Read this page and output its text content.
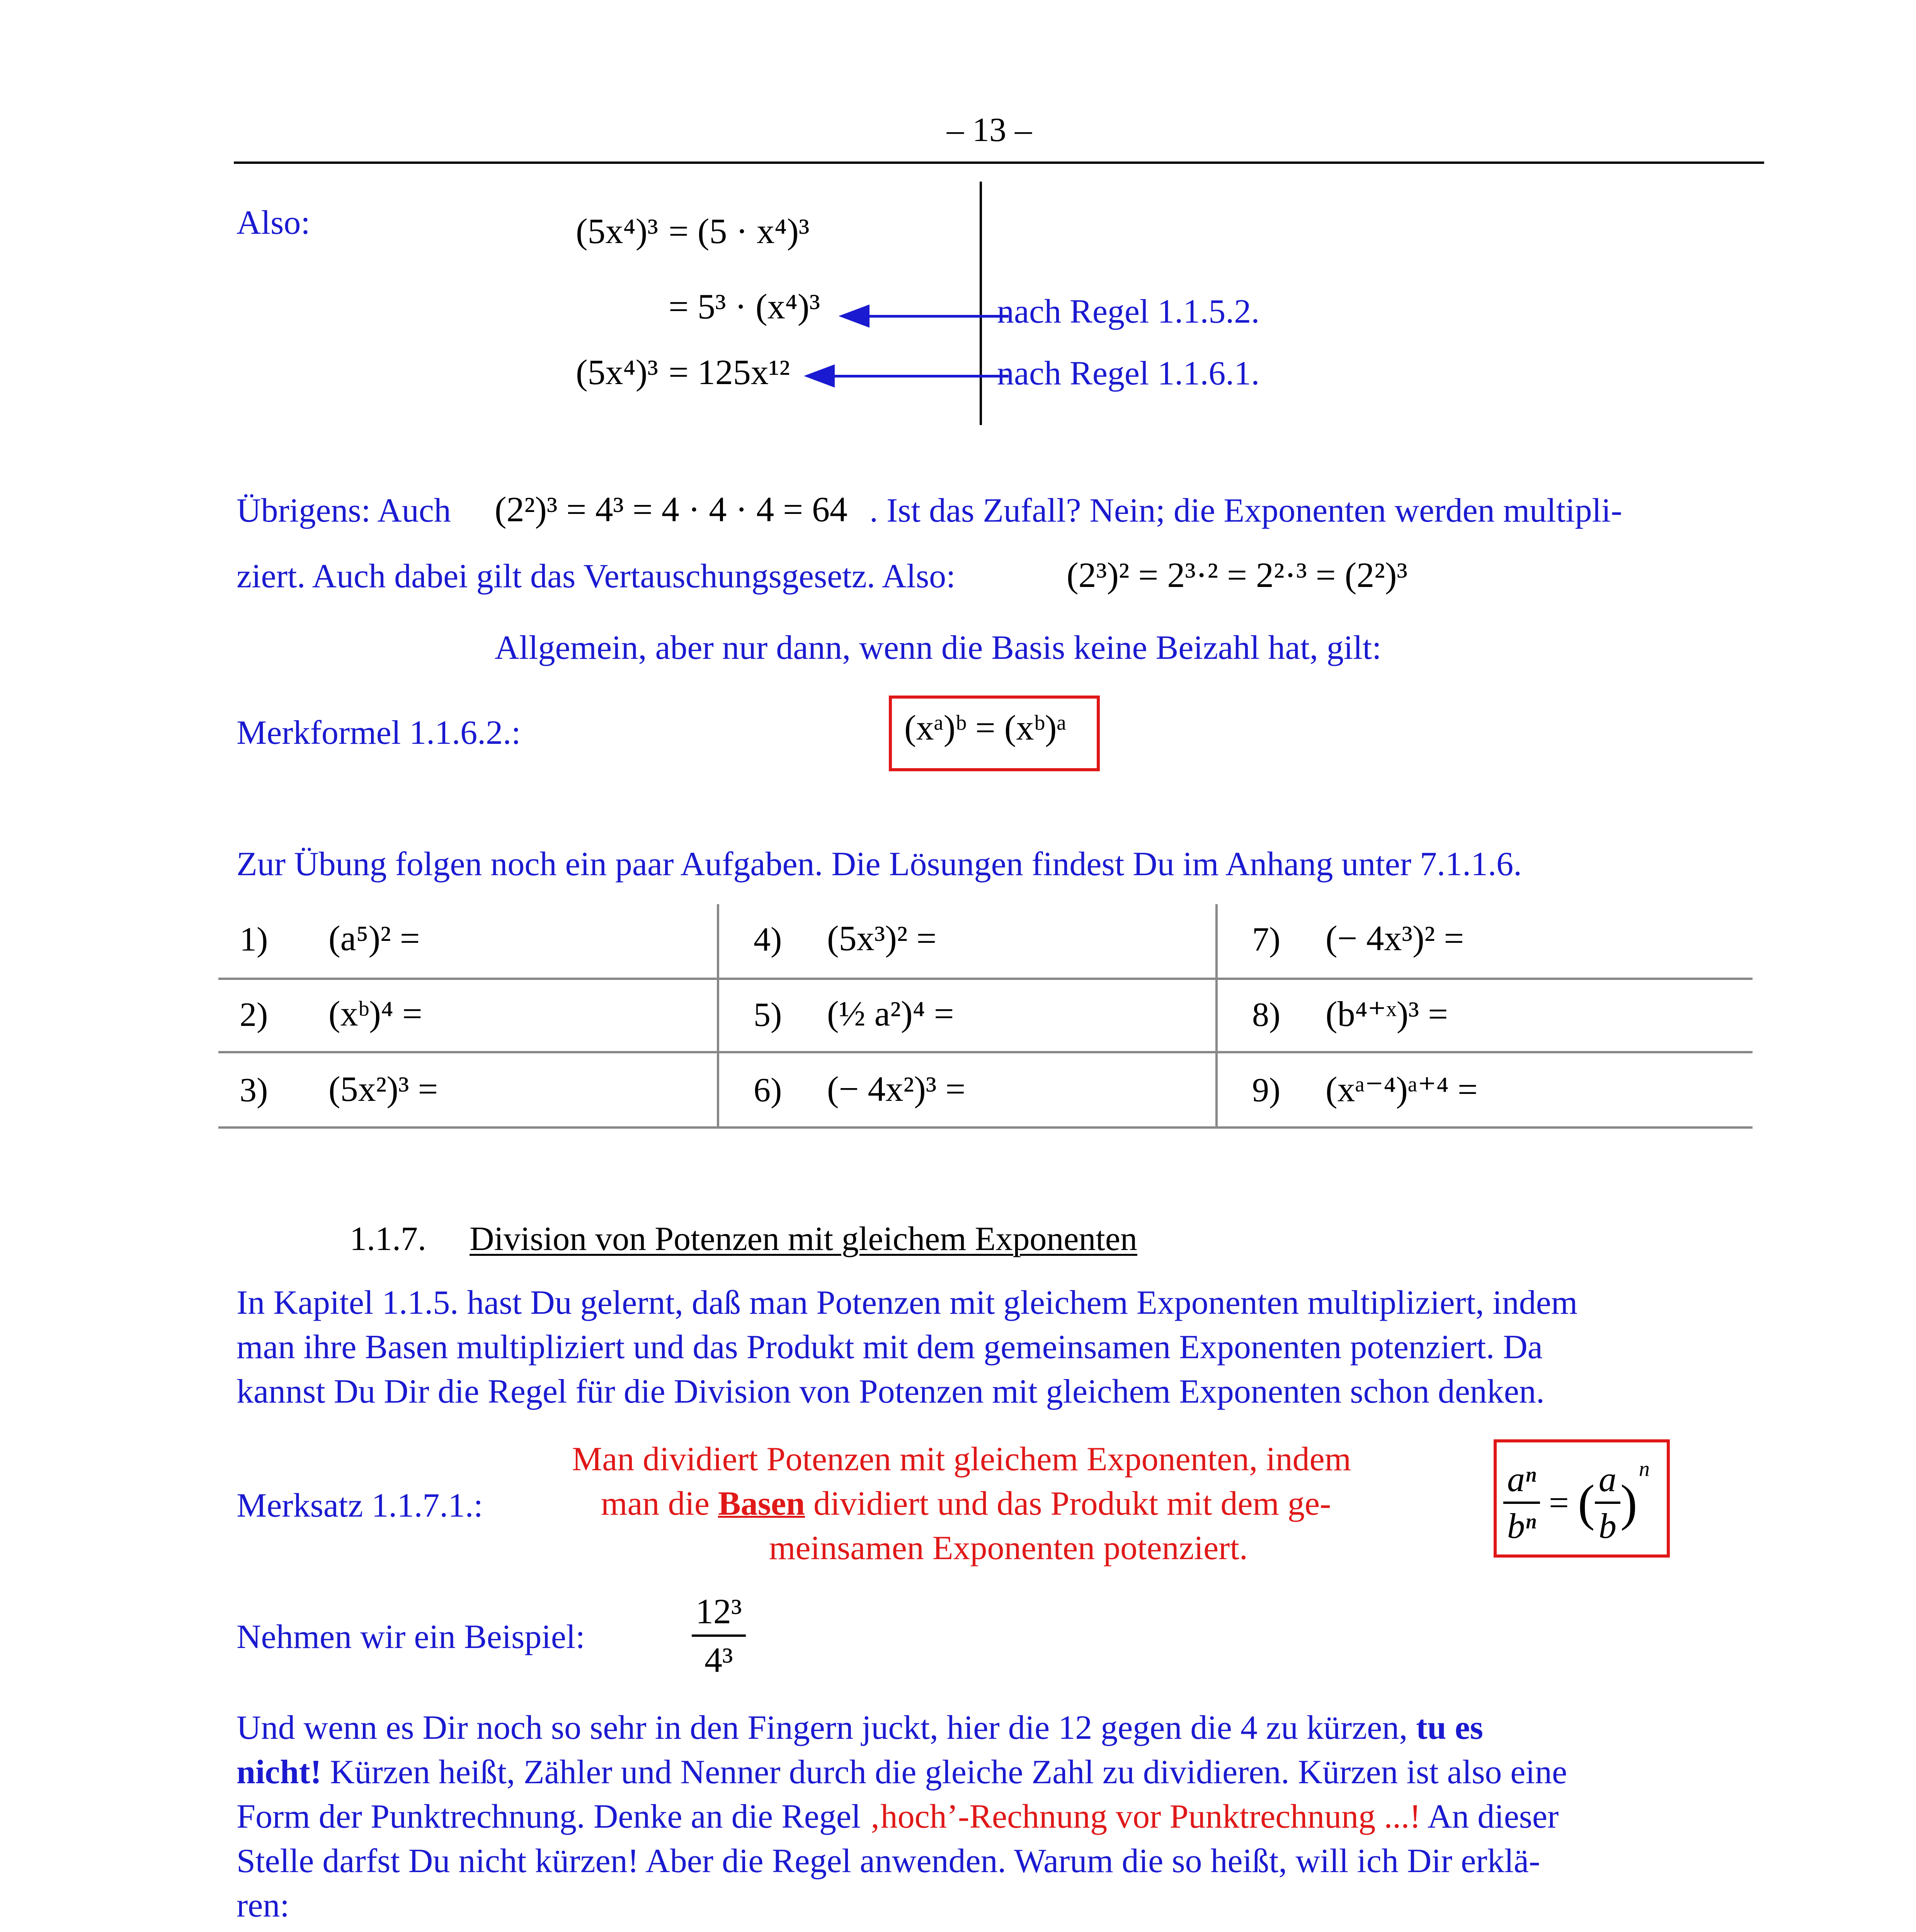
– 13 –
Also:	(5x⁴)³ = (5 · x⁴)³
= 5³ · (x⁴)³
(5x⁴)³ = 125x¹²
nach Regel 1.1.5.2.
nach Regel 1.1.6.1.
Übrigens: Auch (2²)³ = 4³ = 4 · 4 · 4 = 64 . Ist das Zufall? Nein; die Exponenten werden multipli-
ziert. Auch dabei gilt das Vertauschungsgesetz. Also:	(2³)² = 2³·² = 2²·³ = (2²)³
Allgemein, aber nur dann, wenn die Basis keine Beizahl hat, gilt:
Merkformel 1.1.6.2.:	(xᵃ)ᵇ = (xᵇ)ᵃ
Zur Übung folgen noch ein paar Aufgaben. Die Lösungen findest Du im Anhang unter 7.1.1.6.
1) (a⁵)² =	4) (5x³)² =	7) (− 4x³)² =
2) (xᵇ)⁴ =	5) (½ a²)⁴ =	8) (b⁴⁺ˣ)³ =
3) (5x²)³ =	6) (− 4x²)³ =	9) (xᵃ⁻⁴)ᵃ⁺⁴ =
1.1.7. Division von Potenzen mit gleichem Exponenten
In Kapitel 1.1.5. hast Du gelernt, daß man Potenzen mit gleichem Exponenten multipliziert, indem
man ihre Basen multipliziert und das Produkt mit dem gemeinsamen Exponenten potenziert. Da
kannst Du Dir die Regel für die Division von Potenzen mit gleichem Exponenten schon denken.
Merksatz 1.1.7.1.:
Man dividiert Potenzen mit gleichem Exponenten, indem
man die Basen dividiert und das Produkt mit dem ge-
meinsamen Exponenten potenziert.	$\frac{\text{aⁿ}}{\text{bⁿ}}$ = ( $\frac{a}{b} )^n$
Nehmen wir ein Beispiel:	$\frac{\text{12³}}{\text{4³}}$
Und wenn es Dir noch so sehr in den Fingern juckt, hier die 12 gegen die 4 zu kürzen, tu es
nicht! Kürzen heißt, Zähler und Nenner durch die gleiche Zahl zu dividieren. Kürzen ist also eine
Form der Punktrechnung. Denke an die Regel ‚hoch’-Rechnung vor Punktrechnung ...! An dieser
Stelle darfst Du nicht kürzen! Aber die Regel anwenden. Warum die so heißt, will ich Dir erklä-
ren:
